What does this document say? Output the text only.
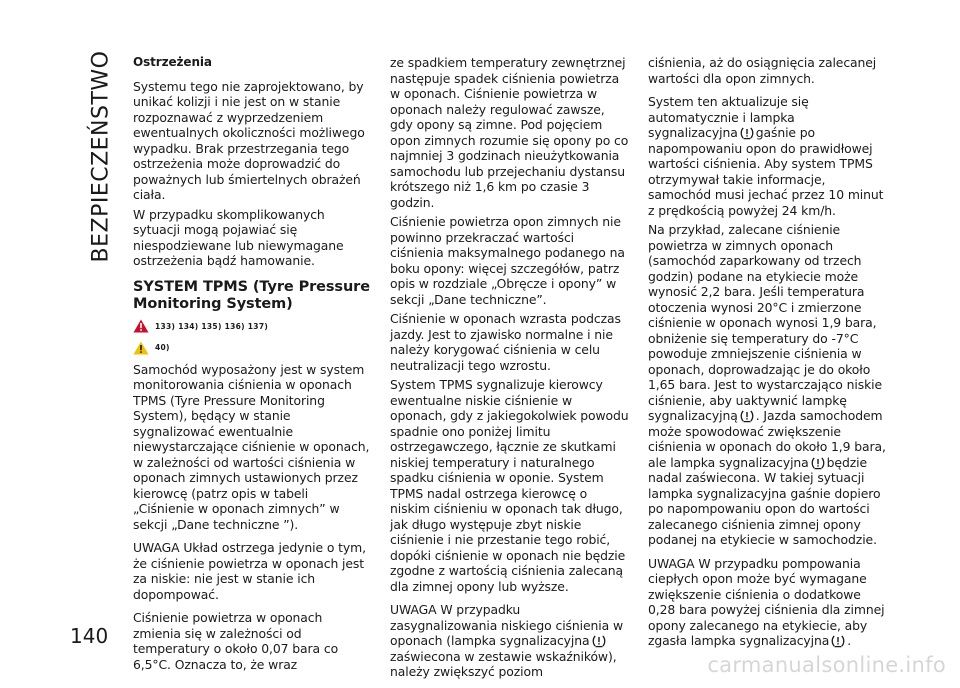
BEZPIECZEŃSTWO Ostrzeżenia

Systemu tego nie zaprojektowano, by unikać kolizji i nie jest on w stanie rozpoznawać z wyprzedzeniem ewentualnych okoliczności możliwego wypadku. Brak przestrzegania tego ostrzeżenia może doprowadzić do poważnych lub śmiertelnych obrażeń ciała.

W przypadku skomplikowanych sytuacji mogą pojawiać się niespodziewane lub niewymagane ostrzeżenia bądź hamowanie.

SYSTEM TPMS (Tyre Pressure Monitoring System)
133) 134) 135) 136) 137)
40)

Samochód wyposażony jest w system monitorowania ciśnienia w oponach TPMS (Tyre Pressure Monitoring System), będący w stanie sygnalizować ewentualnie niewystarczające ciśnienie w oponach, w zależności od wartości ciśnienia w oponach zimnych ustawionych przez kierowcę (patrz opis w tabeli „Ciśnienie w oponach zimnych” w sekcji „Dane techniczne ”).

UWAGA Układ ostrzega jedynie o tym, że ciśnienie powietrza w oponach jest za niskie: nie jest w stanie ich dopompować.

Ciśnienie powietrza w oponach zmienia się w zależności od temperatury o około 0,07 bara co 6,5°C. Oznacza to, że wraz

ze spadkiem temperatury zewnętrznej następuje spadek ciśnienia powietrza w oponach. Ciśnienie powietrza w oponach należy regulować zawsze, gdy opony są zimne. Pod pojęciem opon zimnych rozumie się opony po co najmniej 3 godzinach nieużytkowania samochodu lub przejechaniu dystansu krótszego niż 1,6 km po czasie 3 godzin.

Ciśnienie powietrza opon zimnych nie powinno przekraczać wartości ciśnienia maksymalnego podanego na boku opony: więcej szczegółów, patrz opis w rozdziale „Obręcze i opony” w sekcji „Dane techniczne”.

Ciśnienie w oponach wzrasta podczas jazdy. Jest to zjawisko normalne i nie należy korygować ciśnienia w celu neutralizacji tego wzrostu.

System TPMS sygnalizuje kierowcy ewentualne niskie ciśnienie w oponach, gdy z jakiegokolwiek powodu spadnie ono poniżej limitu ostrzegawczego, łącznie ze skutkami niskiej temperatury i naturalnego spadku ciśnienia w oponie. System TPMS nadal ostrzega kierowcę o niskim ciśnieniu w oponach tak długo, jak długo występuje zbyt niskie ciśnienie i nie przestanie tego robić, dopóki ciśnienie w oponach nie będzie zgodne z wartością ciśnienia zalecaną dla zimnej opony lub wyższe.

UWAGA W przypadku zasygnalizowania niskiego ciśnienia w oponach (lampka sygnalizacyjnazaświecona w zestawie wskaźników), należy zwiększyć poziom

ciśnienia, aż do osiągnięcia zalecanej wartości dla opon zimnych.

System ten aktualizuje się automatycznie i lampka sygnalizacyjna gaśnie po napompowaniu opon do prawidłowej wartości ciśnienia. Aby system TPMS otrzymywał takie informacje, samochód musi jechać przez 10 minut z prędkością powyżej 24 km/h.

Na przykład, zalecane ciśnienie powietrza w zimnych oponach (samochód zaparkowany od trzech godzin) podane na etykiecie może wynosić 2,2 bara. Jeśli temperatura otoczenia wynosi 20°C i zmierzone ciśnienie w oponach wynosi 1,9 bara, obniżenie się temperatury do -7°C powoduje zmniejszenie ciśnienia w oponach, doprowadzając je do około 1,65 bara. Jest to wystarczająco niskie ciśnienie, aby uaktywnić lampkę sygnalizacyjną . Jazda samochodem może spowodować zwiększenie ciśnienia w oponach do około 1,9 bara, ale lampka sygnalizacyjna będzie nadal zaświecona. W takiej sytuacji lampka sygnalizacyjna gaśnie dopiero po napompowaniu opon do wartości zalecanego ciśnienia zimnej opony podanej na etykiecie w samochodzie.

UWAGA W przypadku pompowania ciepłych opon może być wymagane zwiększenie ciśnienia o dodatkowe 0,28 bara powyżej ciśnienia dla zimnej opony zalecanego na etykiecie, aby zgasła lampka sygnalizacyjna .

140
carmanualsonline.info
